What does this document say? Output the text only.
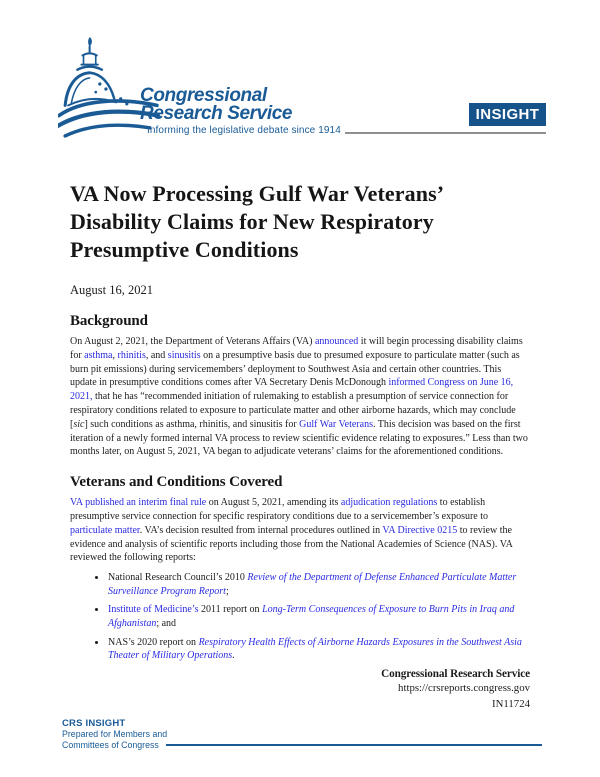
Congressional
Research Service
Informing the legislative debate since 1914
INSIGHT
VA Now Processing Gulf War Veterans’ Disability Claims for New Respiratory Presumptive Conditions
August 16, 2021
Background

On August 2, 2021, the Department of Veterans Affairs (VA) announced it will begin processing disability claims for asthma, rhinitis, and sinusitis on a presumptive basis due to presumed exposure to particulate matter (such as burn pit emissions) during servicemembers’ deployment to Southwest Asia and certain other countries. This update in presumptive conditions comes after VA Secretary Denis McDonough informed Congress on June 16, 2021, that he has “recommended initiation of rulemaking to establish a presumption of service connection for respiratory conditions related to exposure to particulate matter and other airborne hazards, which may conclude [sic] such conditions as asthma, rhinitis, and sinusitis for Gulf War Veterans. This decision was based on the first iteration of a newly formed internal VA process to review scientific evidence relating to exposures.” Less than two months later, on August 5, 2021, VA began to adjudicate veterans’ claims for the aforementioned conditions.

Veterans and Conditions Covered

VA published an interim final rule on August 5, 2021, amending its adjudication regulations to establish presumptive service connection for specific respiratory conditions due to a servicemember’s exposure to particulate matter. VA’s decision resulted from internal procedures outlined in VA Directive 0215 to review the evidence and analysis of scientific reports including those from the National Academies of Science (NAS). VA reviewed the following reports:

• National Research Council’s 2010 Review of the Department of Defense Enhanced Particulate Matter Surveillance Program Report;
• Institute of Medicine’s 2011 report on Long-Term Consequences of Exposure to Burn Pits in Iraq and Afghanistan; and
• NAS’s 2020 report on Respiratory Health Effects of Airborne Hazards Exposures in the Southwest Asia Theater of Military Operations.
Congressional Research Service
https://crsreports.congress.gov
IN11724
CRS INSIGHT
Prepared for Members and
Committees of Congress
